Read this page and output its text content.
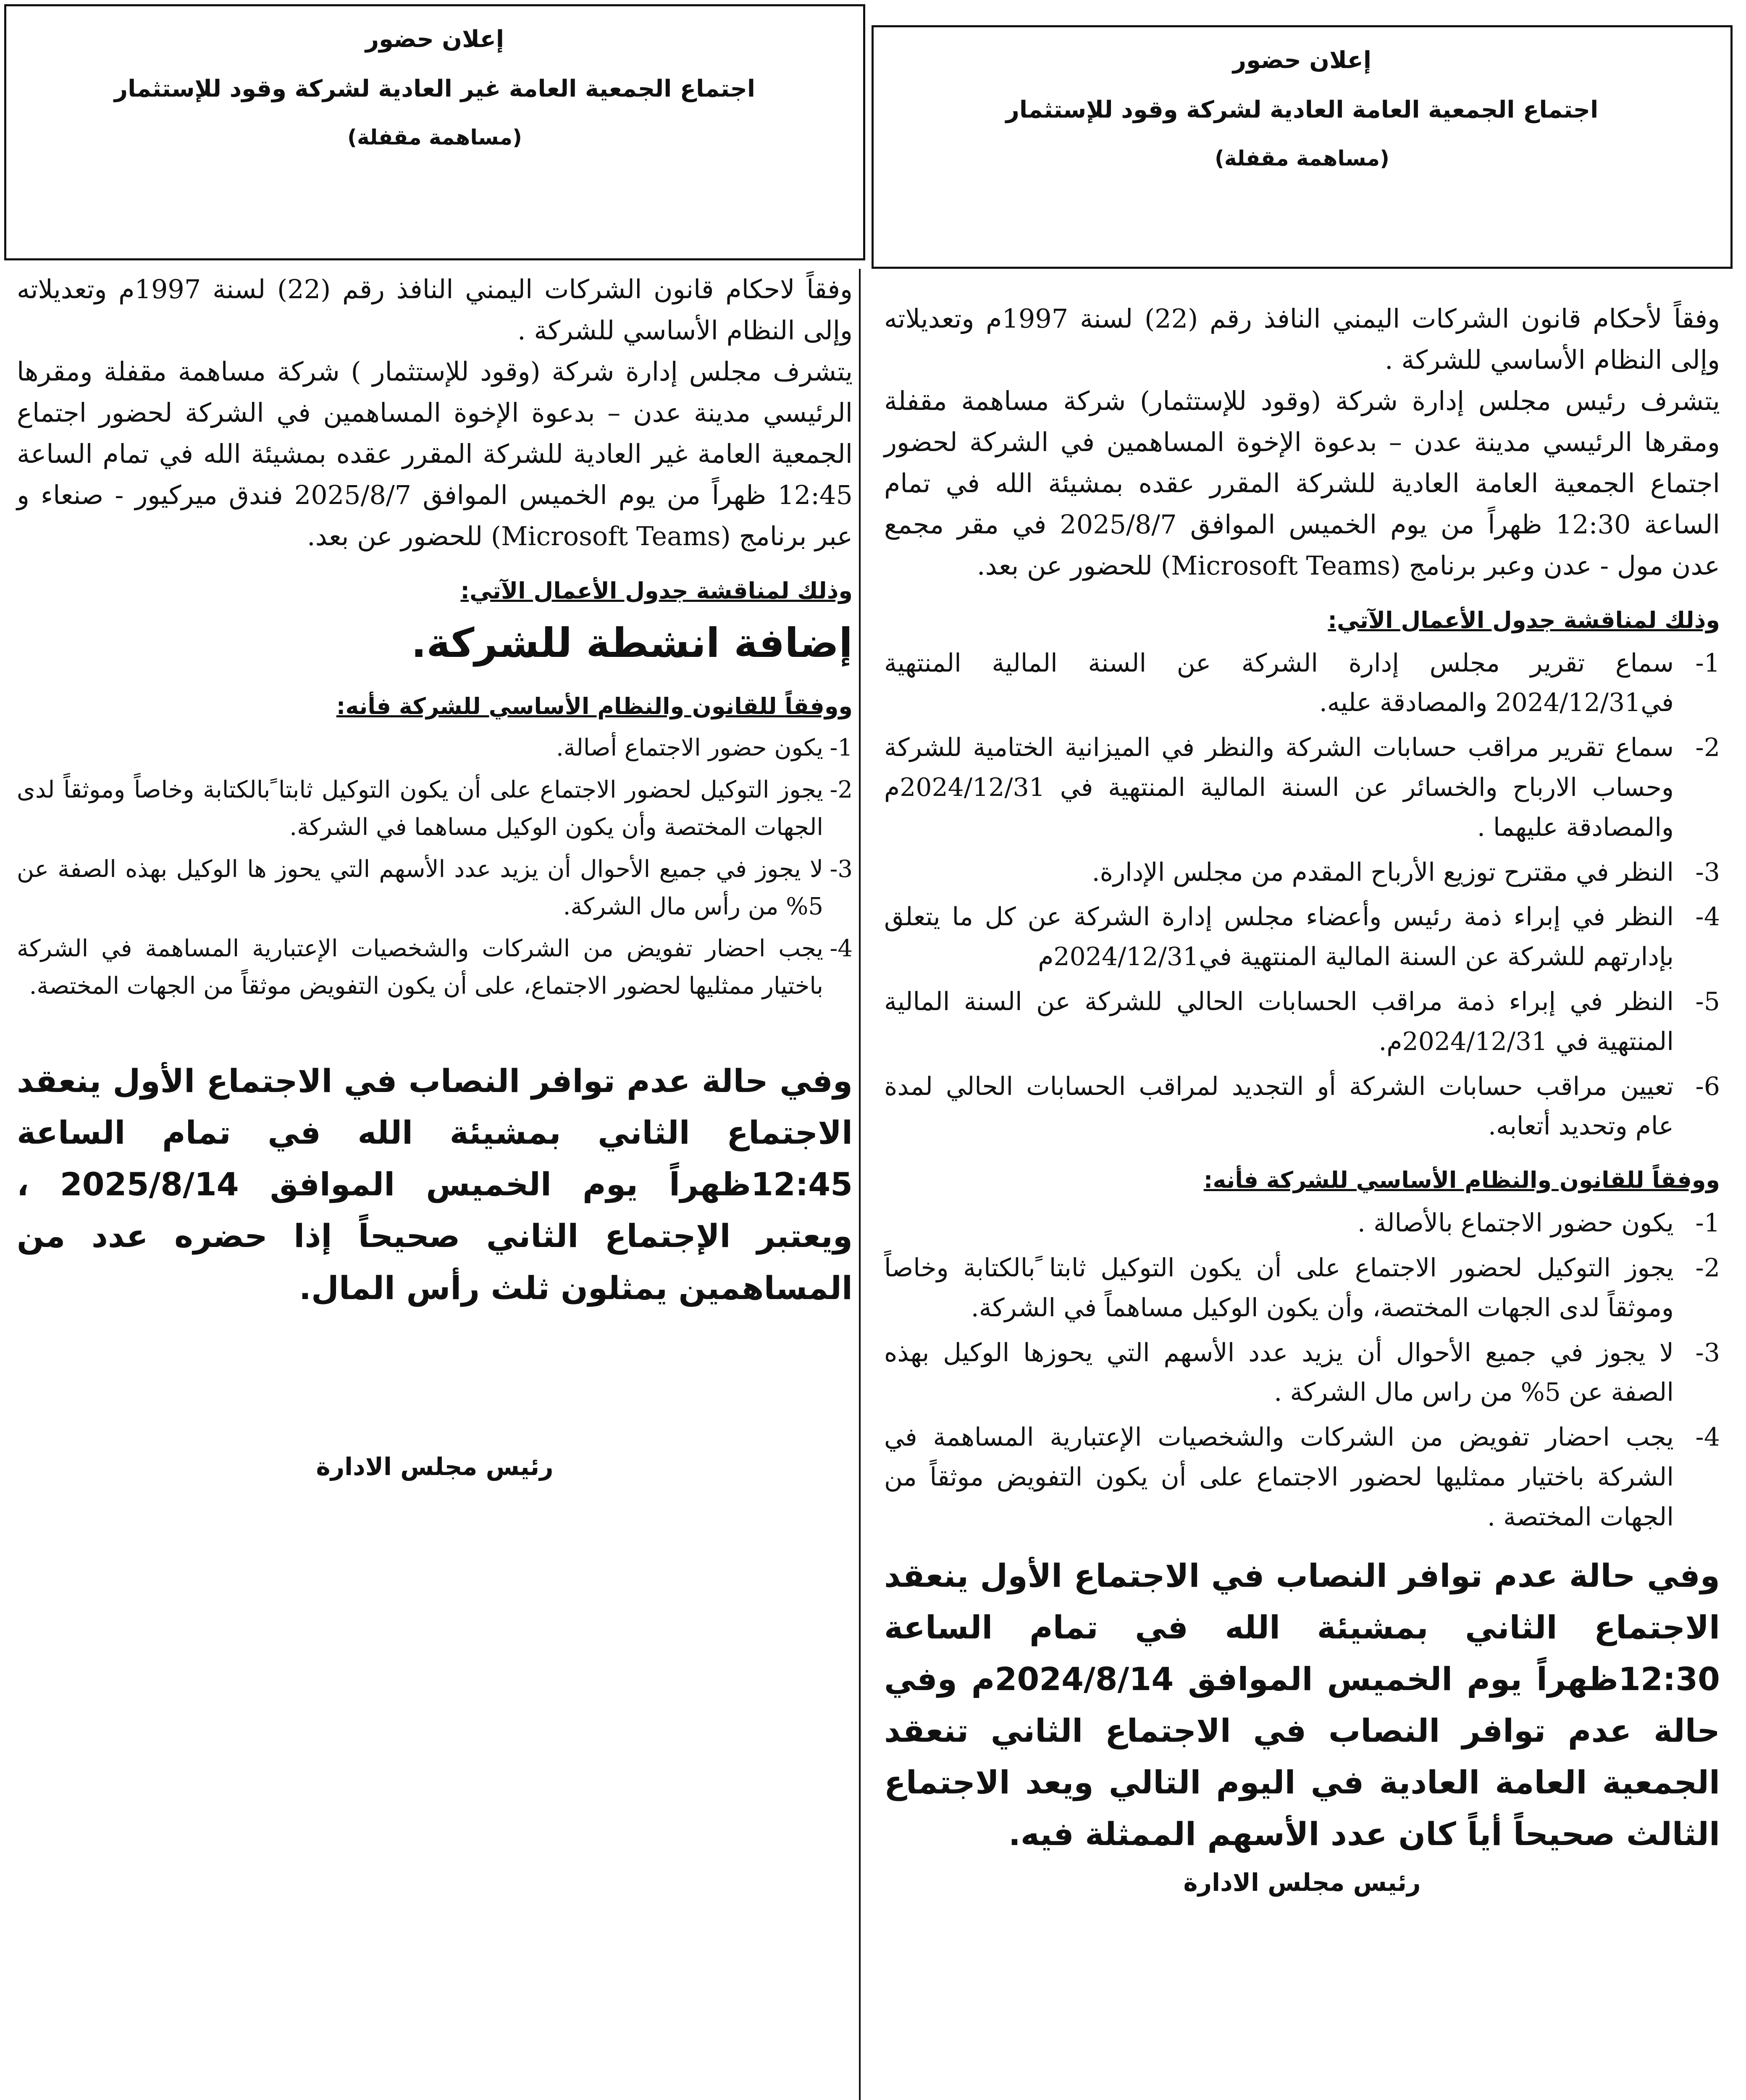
إعلان حضور
اجتماع الجمعية العامة العادية لشركة وقود للإستثمار
(مساهمة مقفلة)

وفقاً لأحكام قانون الشركات اليمني النافذ رقم (22) لسنة 1997م وتعديلاته وإلى النظام الأساسي للشركة .

يتشرف رئيس مجلس إدارة شركة (وقود للإستثمار) شركة مساهمة مقفلة ومقرها الرئيسي مدينة عدن – بدعوة الإخوة المساهمين في الشركة لحضور اجتماع الجمعية العامة العادية للشركة المقرر عقده بمشيئة الله في تمام الساعة 12:30 ظهراً من يوم الخميس الموافق 2025/8/7 في مقر مجمع عدن مول - عدن وعبر برنامج (Microsoft Teams) للحضور عن بعد.

وذلك لمناقشة جدول الأعمال الآتي:
1-
سماع تقرير مجلس إدارة الشركة عن السنة المالية المنتهية في2024/12/31 والمصادقة عليه.
2-
سماع تقرير مراقب حسابات الشركة والنظر في الميزانية الختامية للشركة وحساب الارباح والخسائر عن السنة المالية المنتهية في 2024/12/31م والمصادقة عليهما .
3-
النظر في مقترح توزيع الأرباح المقدم من مجلس الإدارة.
4-
النظر في إبراء ذمة رئيس وأعضاء مجلس إدارة الشركة عن كل ما يتعلق بإدارتهم للشركة عن السنة المالية المنتهية في2024/12/31م
5-
النظر في إبراء ذمة مراقب الحسابات الحالي للشركة عن السنة المالية المنتهية في 2024/12/31م.
6-
تعيين مراقب حسابات الشركة أو التجديد لمراقب الحسابات الحالي لمدة عام وتحديد أتعابه.
ووفقاً للقانون والنظام الأساسي للشركة فأنه:
1-
يكون حضور الاجتماع بالأصالة .
2-
يجوز التوكيل لحضور الاجتماع على أن يكون التوكيل ثابتا ًبالكتابة وخاصاً وموثقاً لدى الجهات المختصة، وأن يكون الوكيل مساهماً في الشركة.
3-
لا يجوز في جميع الأحوال أن يزيد عدد الأسهم التي يحوزها الوكيل بهذه الصفة عن 5% من راس مال الشركة .
4-
يجب احضار تفويض من الشركات والشخصيات الإعتبارية المساهمة في الشركة باختيار ممثليها لحضور الاجتماع على أن يكون التفويض موثقاً من الجهات المختصة .

وفي حالة عدم توافر النصاب في الاجتماع الأول ينعقد الاجتماع الثاني بمشيئة الله في تمام الساعة 12:30ظهراً يوم الخميس الموافق 2024/8/14م وفي حالة عدم توافر النصاب في الاجتماع الثاني تنعقد الجمعية العامة العادية في اليوم التالي ويعد الاجتماع الثالث صحيحاً أياً كان عدد الأسهم الممثلة فيه.

رئيس مجلس الادارة
إعلان حضور
اجتماع الجمعية العامة غير العادية لشركة وقود للإستثمار
(مساهمة مقفلة)

وفقاً لاحكام قانون الشركات اليمني النافذ رقم (22) لسنة 1997م وتعديلاته وإلى النظام الأساسي للشركة .

يتشرف مجلس إدارة شركة (وقود للإستثمار ) شركة مساهمة مقفلة ومقرها الرئيسي مدينة عدن – بدعوة الإخوة المساهمين في الشركة لحضور اجتماع الجمعية العامة غير العادية للشركة المقرر عقده بمشيئة الله في تمام الساعة 12:45 ظهراً من يوم الخميس الموافق 2025/8/7 فندق ميركيور - صنعاء و عبر برنامج (Microsoft Teams) للحضور عن بعد.

وذلك لمناقشة جدول الأعمال الآتي:
إضافة انشطة للشركة.
ووفقاً للقانون والنظام الأساسي للشركة فأنه:
1-
يكون حضور الاجتماع أصالة.
2-
يجوز التوكيل لحضور الاجتماع على أن يكون التوكيل ثابتا ًبالكتابة وخاصاً وموثقاً لدى الجهات المختصة وأن يكون الوكيل مساهما في الشركة.
3-
لا يجوز في جميع الأحوال أن يزيد عدد الأسهم التي يحوز ها الوكيل بهذه الصفة عن 5% من رأس مال الشركة.
4-
يجب احضار تفويض من الشركات والشخصيات الإعتبارية المساهمة في الشركة باختيار ممثليها لحضور الاجتماع، على أن يكون التفويض موثقاً من الجهات المختصة.

وفي حالة عدم توافر النصاب في الاجتماع الأول ينعقد الاجتماع الثاني بمشيئة الله في تمام الساعة 12:45ظهراً يوم الخميس الموافق 2025/8/14 ، ويعتبر الإجتماع الثاني صحيحاً إذا حضره عدد من المساهمين يمثلون ثلث رأس المال.

رئيس مجلس الادارة
